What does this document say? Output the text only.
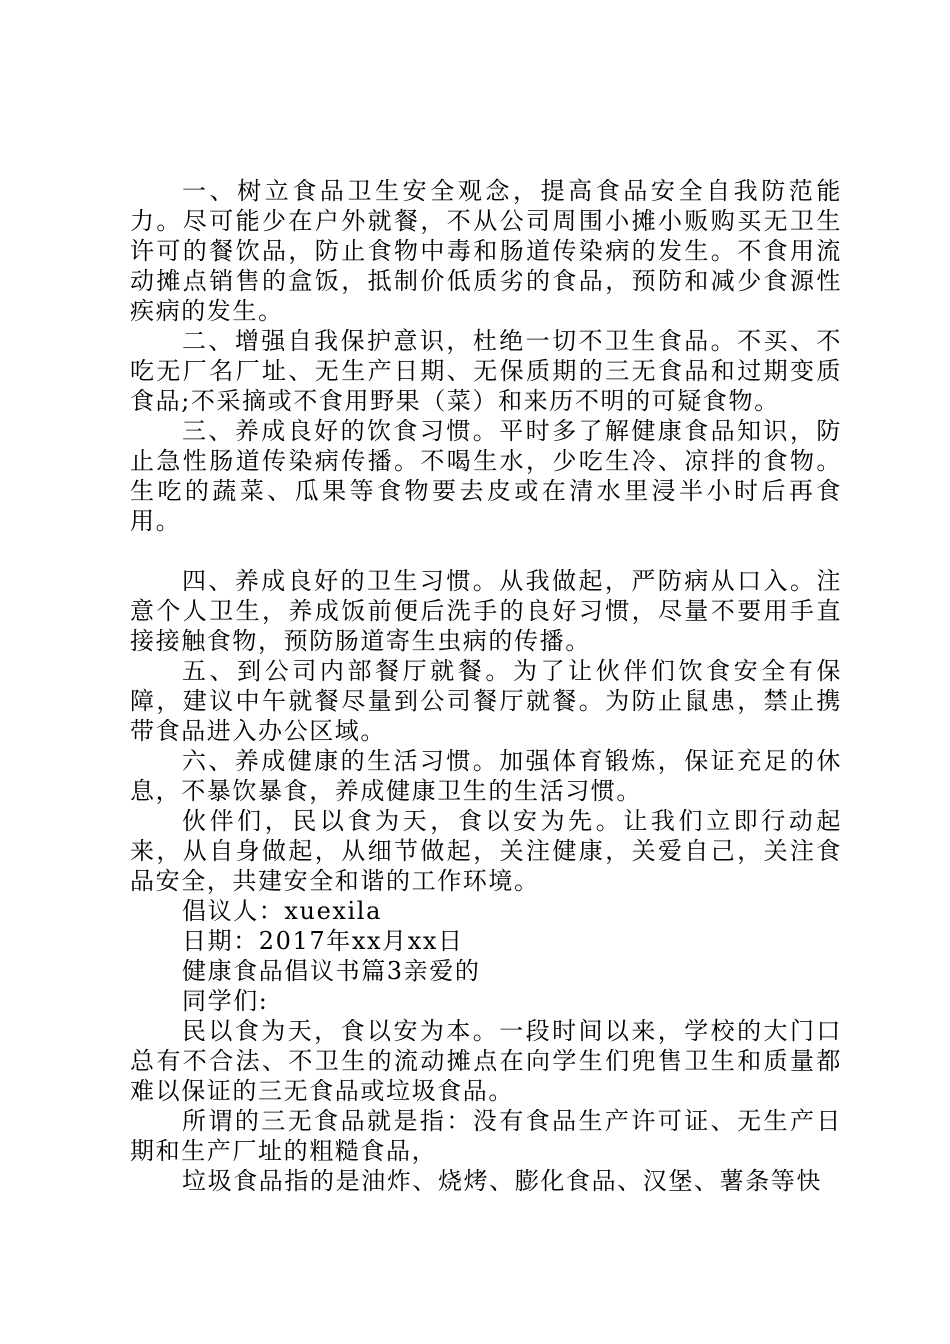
一、树立食品卫生安全观念，提高食品安全自我防范能力。尽可能少在户外就餐，不从公司周围小摊小贩购买无卫生许可的餐饮品，防止食物中毒和肠道传染病的发生。不食用流动摊点销售的盒饭，抵制价低质劣的食品，预防和减少食源性疾病的发生。

二、增强自我保护意识，杜绝一切不卫生食品。不买、不吃无厂名厂址、无生产日期、无保质期的三无食品和过期变质食品;不采摘或不食用野果（菜）和来历不明的可疑食物。

三、养成良好的饮食习惯。平时多了解健康食品知识，防止急性肠道传染病传播。不喝生水，少吃生冷、凉拌的食物。生吃的蔬菜、瓜果等食物要去皮或在清水里浸半小时后再食用。

四、养成良好的卫生习惯。从我做起，严防病从口入。注意个人卫生，养成饭前便后洗手的良好习惯，尽量不要用手直接接触食物，预防肠道寄生虫病的传播。

五、到公司内部餐厅就餐。为了让伙伴们饮食安全有保障，建议中午就餐尽量到公司餐厅就餐。为防止鼠患，禁止携带食品进入办公区域。

六、养成健康的生活习惯。加强体育锻炼，保证充足的休息，不暴饮暴食，养成健康卫生的生活习惯。

伙伴们，民以食为天，食以安为先。让我们立即行动起来，从自身做起，从细节做起，关注健康，关爱自己，关注食品安全，共建安全和谐的工作环境。

倡议人：xuexila

日期：2017年xx月xx日

健康食品倡议书篇3亲爱的

同学们:

民以食为天，食以安为本。一段时间以来，学校的大门口总有不合法、不卫生的流动摊点在向学生们兜售卫生和质量都难以保证的三无食品或垃圾食品。

所谓的三无食品就是指：没有食品生产许可证、无生产日期和生产厂址的粗糙食品，

垃圾食品指的是油炸、烧烤、膨化食品、汉堡、薯条等快
